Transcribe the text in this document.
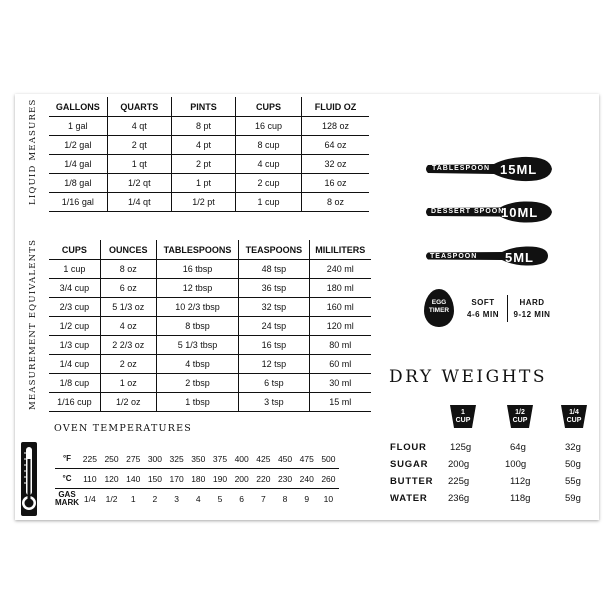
LIQUID MEASURES GALLONS	QUARTS	PINTS	CUPS	FLUID OZ
1 gal	4 qt	8 pt	16 cup	128 oz
1/2 gal	2 qt	4 pt	8 cup	64 oz
1/4 gal	1 qt	2 pt	4 cup	32 oz
1/8 gal	1/2 qt	1 pt	2 cup	16 oz
1/16 gal	1/4 qt	1/2 pt	1 cup	8 oz
MEASUREMENT EQUIVALENTS	CUPS	OUNCES	TABLESPOONS	TEASPOONS	MILILITERS
1 cup	8 oz	16 tbsp	48 tsp	240 ml
3/4 cup	6 oz	12 tbsp	36 tsp	180 ml
2/3 cup	5 1/3 oz	10 2/3 tbsp	32 tsp	160 ml
1/2 cup	4 oz	8 tbsp	24 tsp	120 ml
1/3 cup	2 2/3 oz	5 1/3 tbsp	16 tsp	80 ml
1/4 cup	2 oz	4 tbsp	12 tsp	60 ml
1/8 cup	1 oz	2 tbsp	6 tsp	30 ml
1/16 cup	1/2 oz	1 tbsp	3 tsp	15 ml
OVEN TEMPERATURES
°F	225	250	275	300	325	350	375	400	425	450	475	500
°C	110	120	140	150	170	180	190	200	220	230	240	260
GAS MARK	1/4	1/2	1	2	3	4	5	6	7	8	9	10
TABLESPOON 15ML
DESSERT SPOON
10ML
TEASPOON 5ML
EGG
TIMER
SOFT
4-6 MIN
HARD
9-12 MIN
DRY WEIGHTS
1
CUP
1/2
CUP
1/4
CUP
FLOUR 125g	64g	32g
SUGAR 200g	100g	50g
BUTTER 225g	112g	55g
WATER 236g	118g	59g
